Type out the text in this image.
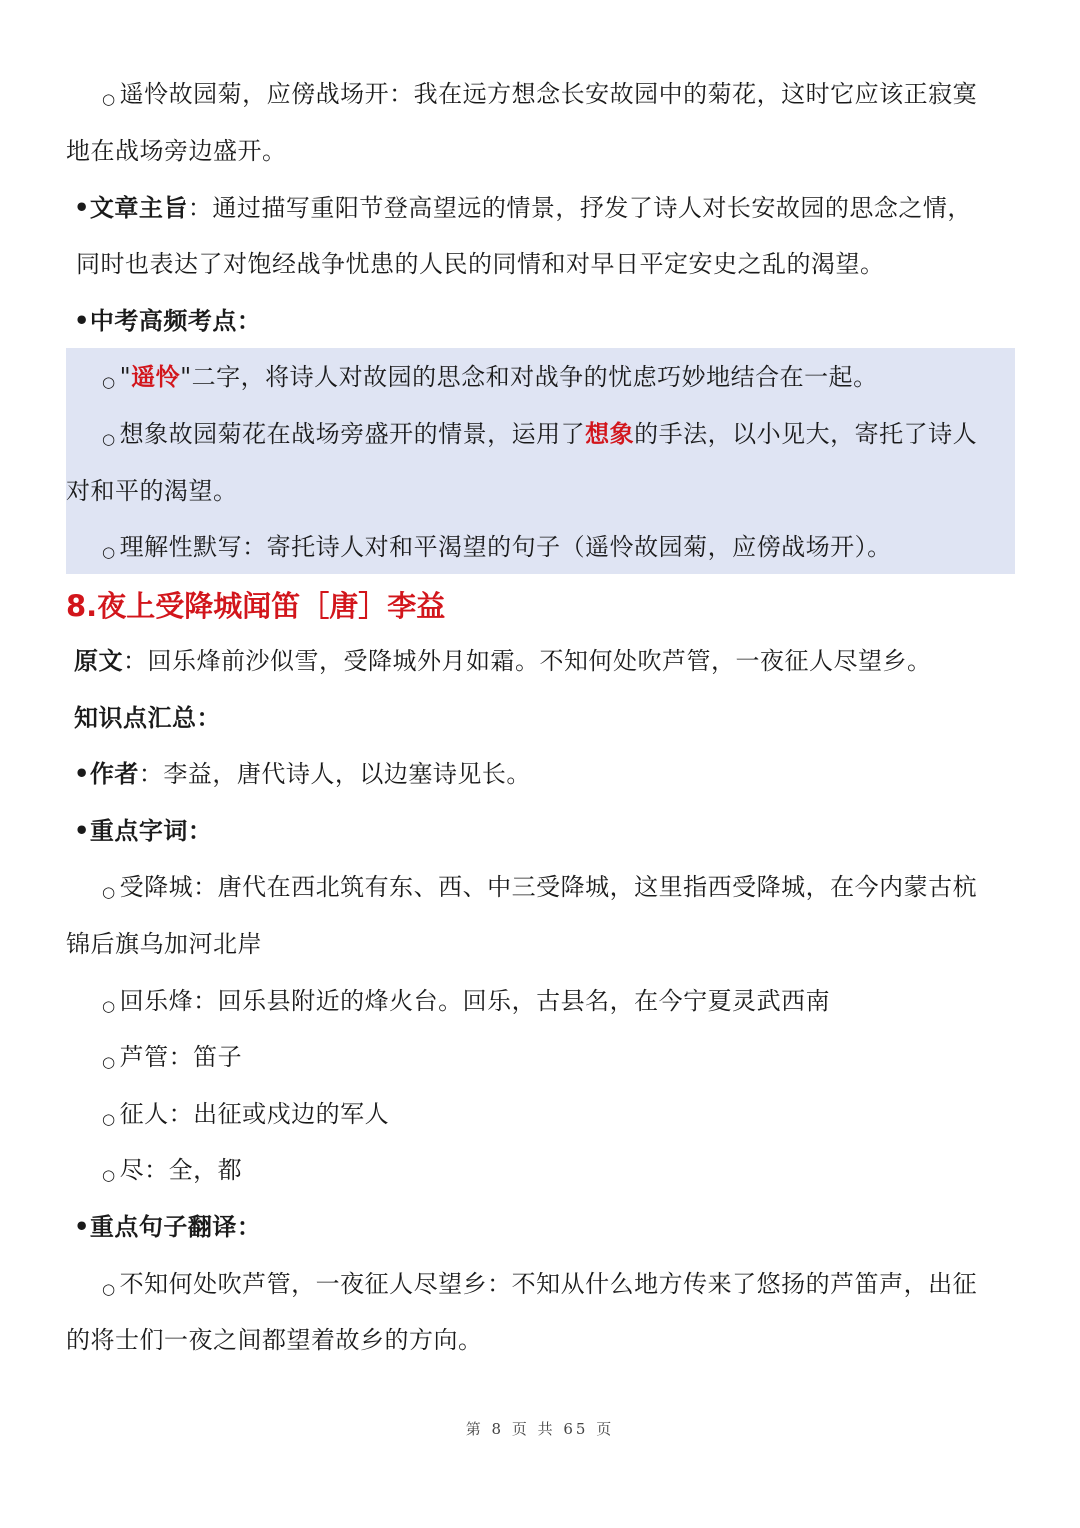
○ 遥怜故园菊，应傍战场开：我在远方想念长安故园中的菊花，这时它应该正寂寞
地在战场旁边盛开。
•文章主旨：通过描写重阳节登高望远的情景，抒发了诗人对长安故园的思念之情，
同时也表达了对饱经战争忧患的人民的同情和对早日平定安史之乱的渴望。
•中考高频考点：
○ "遥怜"二字，将诗人对故园的思念和对战争的忧虑巧妙地结合在一起。
○ 想象故园菊花在战场旁盛开的情景，运用了想象的手法，以小见大，寄托了诗人
对和平的渴望。
○ 理解性默写：寄托诗人对和平渴望的句子（遥怜故园菊，应傍战场开）。
8.夜上受降城闻笛［唐］李益
原文：回乐烽前沙似雪，受降城外月如霜。不知何处吹芦管，一夜征人尽望乡。
知识点汇总：
•作者：李益，唐代诗人，以边塞诗见长。
•重点字词：
○ 受降城：唐代在西北筑有东、西、中三受降城，这里指西受降城，在今内蒙古杭
锦后旗乌加河北岸
○ 回乐烽：回乐县附近的烽火台。回乐，古县名，在今宁夏灵武西南
○ 芦管：笛子
○ 征人：出征或戍边的军人
○ 尽：全，都
•重点句子翻译：
○ 不知何处吹芦管，一夜征人尽望乡：不知从什么地方传来了悠扬的芦笛声，出征
的将士们一夜之间都望着故乡的方向。
第 8 页 共 65 页
